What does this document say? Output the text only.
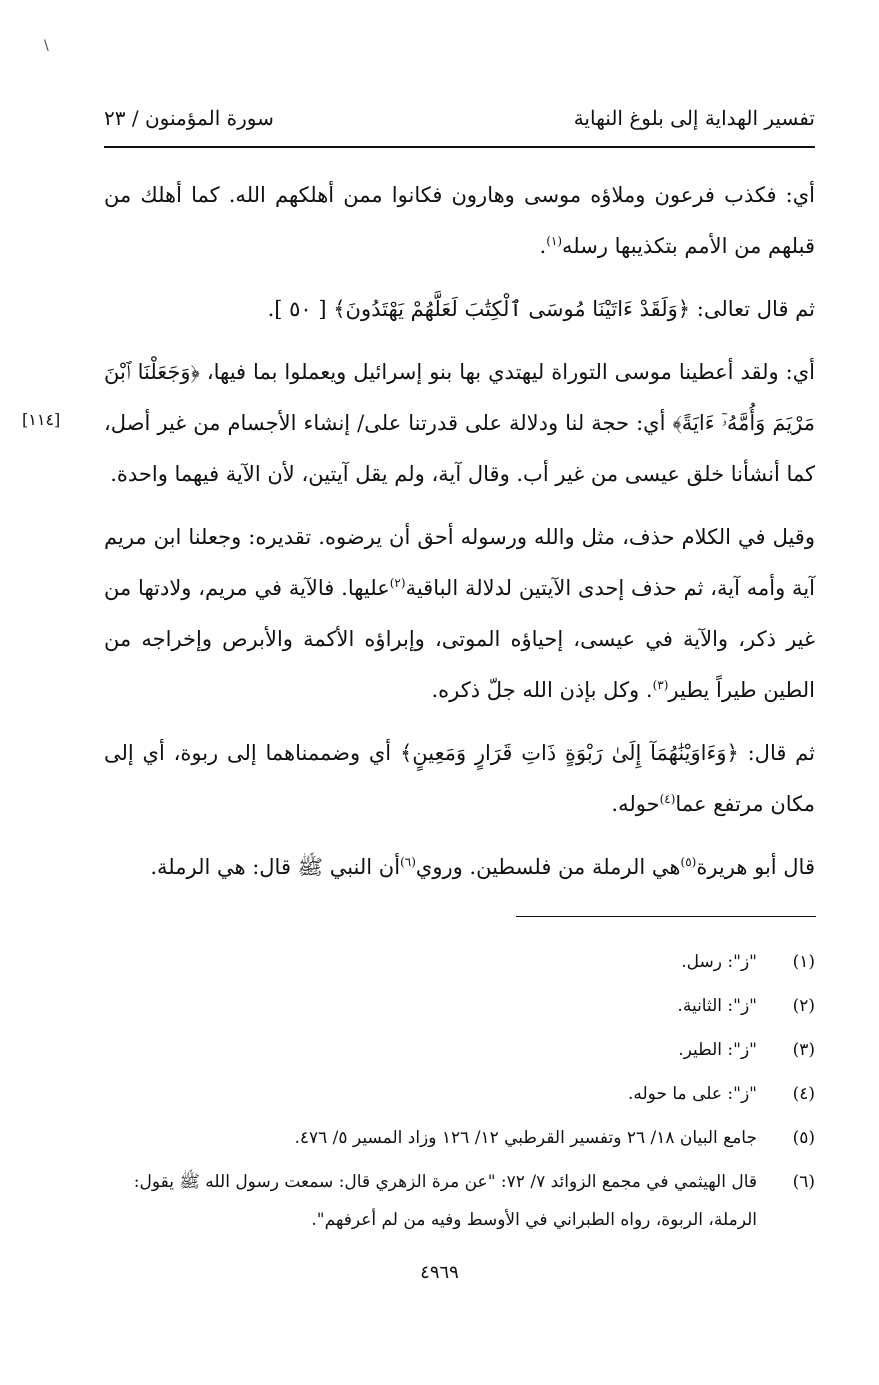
\
تفسير الهداية إلى بلوغ النهاية
سورة المؤمنون / ٢٣
[١١٤]

أي: فكذب فرعون وملاؤه موسى وهارون فكانوا ممن أهلكهم الله. كما أهلك من قبلهم من الأمم بتكذيبها رسله$^{(١)}$.

ثم قال تعالى: ﴿وَلَقَدْ ءَاتَيْنَا مُوسَى ٱلْكِتَٰبَ لَعَلَّهُمْ يَهْتَدُونَ﴾ [ ٥٠ ].

أي: ولقد أعطينا موسى التوراة ليهتدي بها بنو إسرائيل ويعملوا بما فيها، ﴿وَجَعَلْنَا ٱبْنَ مَرْيَمَ وَأُمَّهُۥٓ ءَايَةً﴾ أي: حجة لنا ودلالة على قدرتنا على/ إنشاء الأجسام من غير أصل، كما أنشأنا خلق عيسى من غير أب. وقال آية، ولم يقل آيتين، لأن الآية فيهما واحدة.

وقيل في الكلام حذف، مثل والله ورسوله أحق أن يرضوه. تقديره: وجعلنا ابن مريم آية وأمه آية، ثم حذف إحدى الآيتين لدلالة الباقية$^{(٢)}$عليها. فالآية في مريم، ولادتها من غير ذكر، والآية في عيسى، إحياؤه الموتى، وإبراؤه الأكمة والأبرص وإخراجه من الطين طيراً يطير$^{(٣)}$. وكل بإذن الله جلّ ذكره.

ثم قال: ﴿وَءَاوَيْنَٰهُمَآ إِلَىٰ رَبْوَةٍ ذَاتِ قَرَارٍ وَمَعِينٍ﴾ أي وضممناهما إلى ربوة، أي إلى مكان مرتفع عما$^{(٤)}$حوله.

قال أبو هريرة$^{(٥)}$هي الرملة من فلسطين. وروي$^{(٦)}$أن النبي ﷺ قال: هي الرملة.

(١)
"ز": رسل.
(٢)
"ز": الثانية.
(٣)
"ز": الطير.
(٤)
"ز": على ما حوله.
(٥)
جامع البيان ١٨/ ٢٦ وتفسير القرطبي ١٢/ ١٢٦ وزاد المسير ٥/ ٤٧٦.
(٦)
قال الهيثمي في مجمع الزوائد ٧/ ٧٢: "عن مرة الزهري قال: سمعت رسول الله ﷺ يقول: الرملة، الربوة، رواه الطبراني في الأوسط وفيه من لم أعرفهم".
٤٩٦٩
